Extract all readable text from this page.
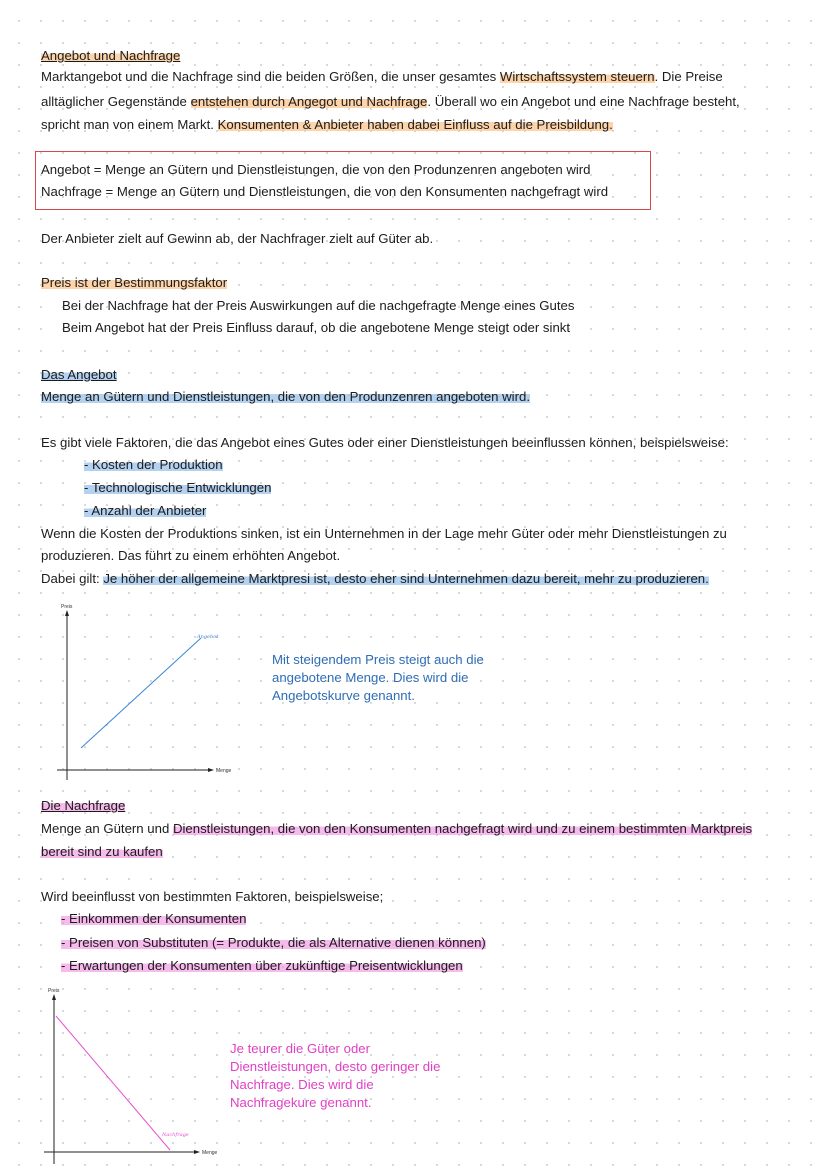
Angebot und Nachfrage
Marktangebot und die Nachfrage sind die beiden Größen, die unser gesamtes Wirtschaftssystem steuern. Die Preise
alltäglicher Gegenstände entstehen durch Angegot und Nachfrage. Überall wo ein Angebot und eine Nachfrage besteht,
spricht man von einem Markt. Konsumenten & Anbieter haben dabei Einfluss auf die Preisbildung.
Angebot = Menge an Gütern und Dienstleistungen, die von den Produnzenren angeboten wird
Nachfrage = Menge an Gütern und Dienstleistungen, die von den Konsumenten nachgefragt wird
Der Anbieter zielt auf Gewinn ab, der Nachfrager zielt auf Güter ab.
Preis ist der Bestimmungsfaktor
Bei der Nachfrage hat der Preis Auswirkungen auf die nachgefragte Menge eines Gutes
Beim Angebot hat der Preis Einfluss darauf, ob die angebotene Menge steigt oder sinkt
Das Angebot
Menge an Gütern und Dienstleistungen, die von den Produnzenren angeboten wird.
Es gibt viele Faktoren, die das Angebot eines Gutes oder einer Dienstleistungen beeinflussen können, beispielsweise:
- Kosten der Produktion
- Technologische Entwicklungen
- Anzahl der Anbieter
Wenn die Kosten der Produktions sinken, ist ein Unternehmen in der Lage mehr Güter oder mehr Dienstleistungen zu
produzieren. Das führt zu einem erhöhten Angebot.
Dabei gilt: Je höher der allgemeine Marktpresi ist, desto eher sind Unternehmen dazu bereit, mehr zu produzieren.
Preis
Menge
Angebot
Mit steigendem Preis steigt auch die
angebotene Menge. Dies wird die
Angebotskurve genannt.
Die Nachfrage
Menge an Gütern und Dienstleistungen, die von den Konsumenten nachgefragt wird und zu einem bestimmten Marktpreis
bereit sind zu kaufen
Wird beeinflusst von bestimmten Faktoren, beispielsweise;
- Einkommen der Konsumenten
- Preisen von Substituten (= Produkte, die als Alternative dienen können)
- Erwartungen der Konsumenten über zukünftige Preisentwicklungen
Preis
Menge
Nachfrage
Je teurer die Güter oder
Dienstleistungen, desto geringer die
Nachfrage. Dies wird die
Nachfragekure genannt.
